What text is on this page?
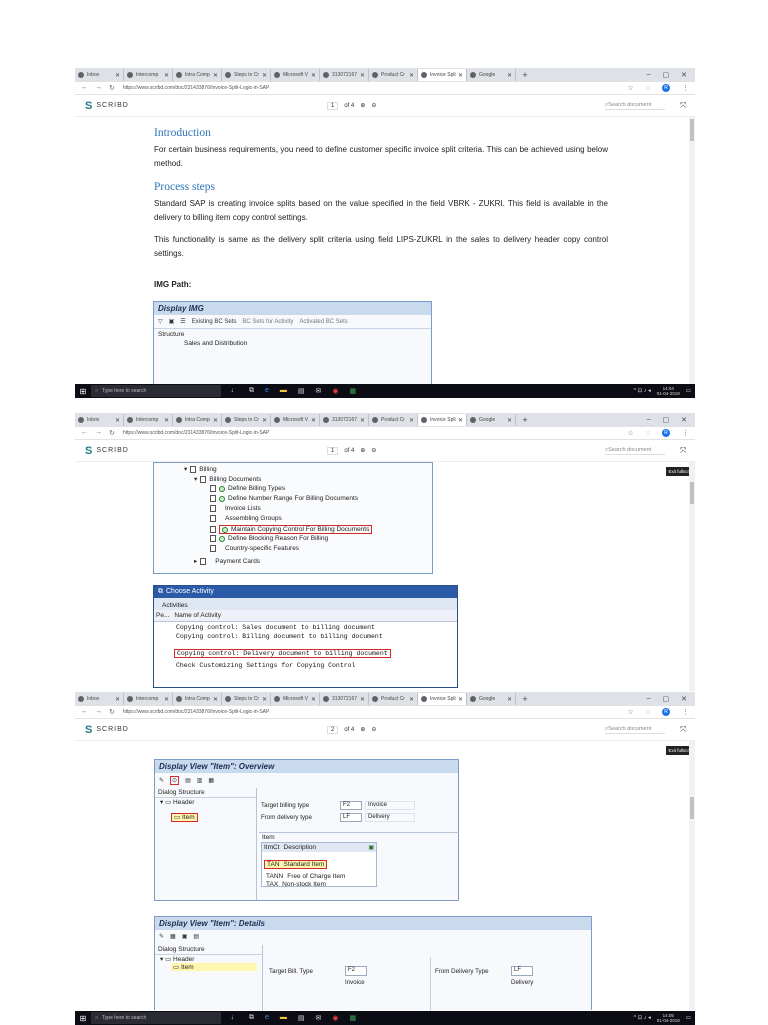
Inbox	✕	Intercomp ✕	Intra Comp ✕	Steps to Cr ✕	Microsoft V ✕	313072167 ✕	Product Cr ✕	Invoice Spli ✕	Google ✕	+	– ▢ ✕
← → ↻ https://www.scribd.com/doc/231433876/Invoice-Split-Logic-in-SAP	☆ ◌	R	⋮
S SCRIBD	1	of 4 ⊕ ⊖	⌕Search document	⤧
Introduction
For certain business requirements, you need to define customer specific invoice split criteria. This can be achieved using below method.
Process steps
Standard SAP is creating invoice splits based on the value specified in the field VBRK - ZUKRI. This field is available in the delivery to billing item copy control settings.
This functionality is same as the delivery split criteria using field LIPS-ZUKRL in the sales to delivery header copy control settings.
IMG Path:
Display IMG
▽ ▣ ☰ Existing BC Sets BC Sets for Activity Activated BC Sets
Structure
Sales and Distribution
⊞	○ Type here to search	♩ ⧉ e ▬ ▤ ✉ ◉ ▦	^ ⊡ ♪ ◂	14:04
01-04-2019 ▭
Inbox	✕	Intercomp ✕	Intra Comp ✕	Steps to Cr ✕	Microsoft V ✕	313072167 ✕	Product Cr ✕	Invoice Spli ✕	Google ✕	+	– ▢ ✕
← → ↻ https://www.scribd.com/doc/231433876/Invoice-Split-Logic-in-SAP	☆ ◌	R	⋮
S SCRIBD	1	of 4 ⊕ ⊖	⌕Search document	⤧
Exit fullscr
▾ Billing
▾ Billing Documents
Define Billing Types
Define Number Range For Billing Documents
Invoice Lists
Assembling Groups
Maintain Copying Control For Billing Documents
Define Blocking Reason For Billing
Country-specific Features
▸	Payment Cards
⧉ Choose Activity
Activities
Pe... Name of Activity
Copying control: Sales document to billing document
Copying control: Billing document to billing document
Copying control: Delivery document to billing document
Check Customizing Settings for Copying Control
Inbox	✕	Intercomp ✕	Intra Comp ✕	Steps to Cr ✕	Microsoft V ✕	313072167 ✕	Product Cr ✕	Invoice Spli ✕	Google ✕	+	– ▢ ✕
← → ↻ https://www.scribd.com/doc/231433876/Invoice-Split-Logic-in-SAP	☆ ◌	R	⋮
S SCRIBD	2	of 4 ⊕ ⊖	⌕Search document	⤧
Exit fullscr
Display View "Item": Overview
✎	⊙	▤ ▥ ▦
Dialog Structure
▾ ▭ Header
▭ Item
Target billing type	F2	Invoice
From delivery type	LF	Delivery
Item
ItmCt Description	▣
TAN Standard Item
TANN Free of Charge Item
TAX Non-stock Item
Display View "Item": Details
✎ ▦ ▣ ▤
Dialog Structure
▾ ▭ Header
▭ Item
Target Bill. Type	F2
Invoice
From Delivery Type	LF
Delivery
⊞	○ Type here to search	♩ ⧉ e ▬ ▤ ✉ ◉ ▦	^ ⊡ ♪ ◂	14:05
01-04-2019 ▭
